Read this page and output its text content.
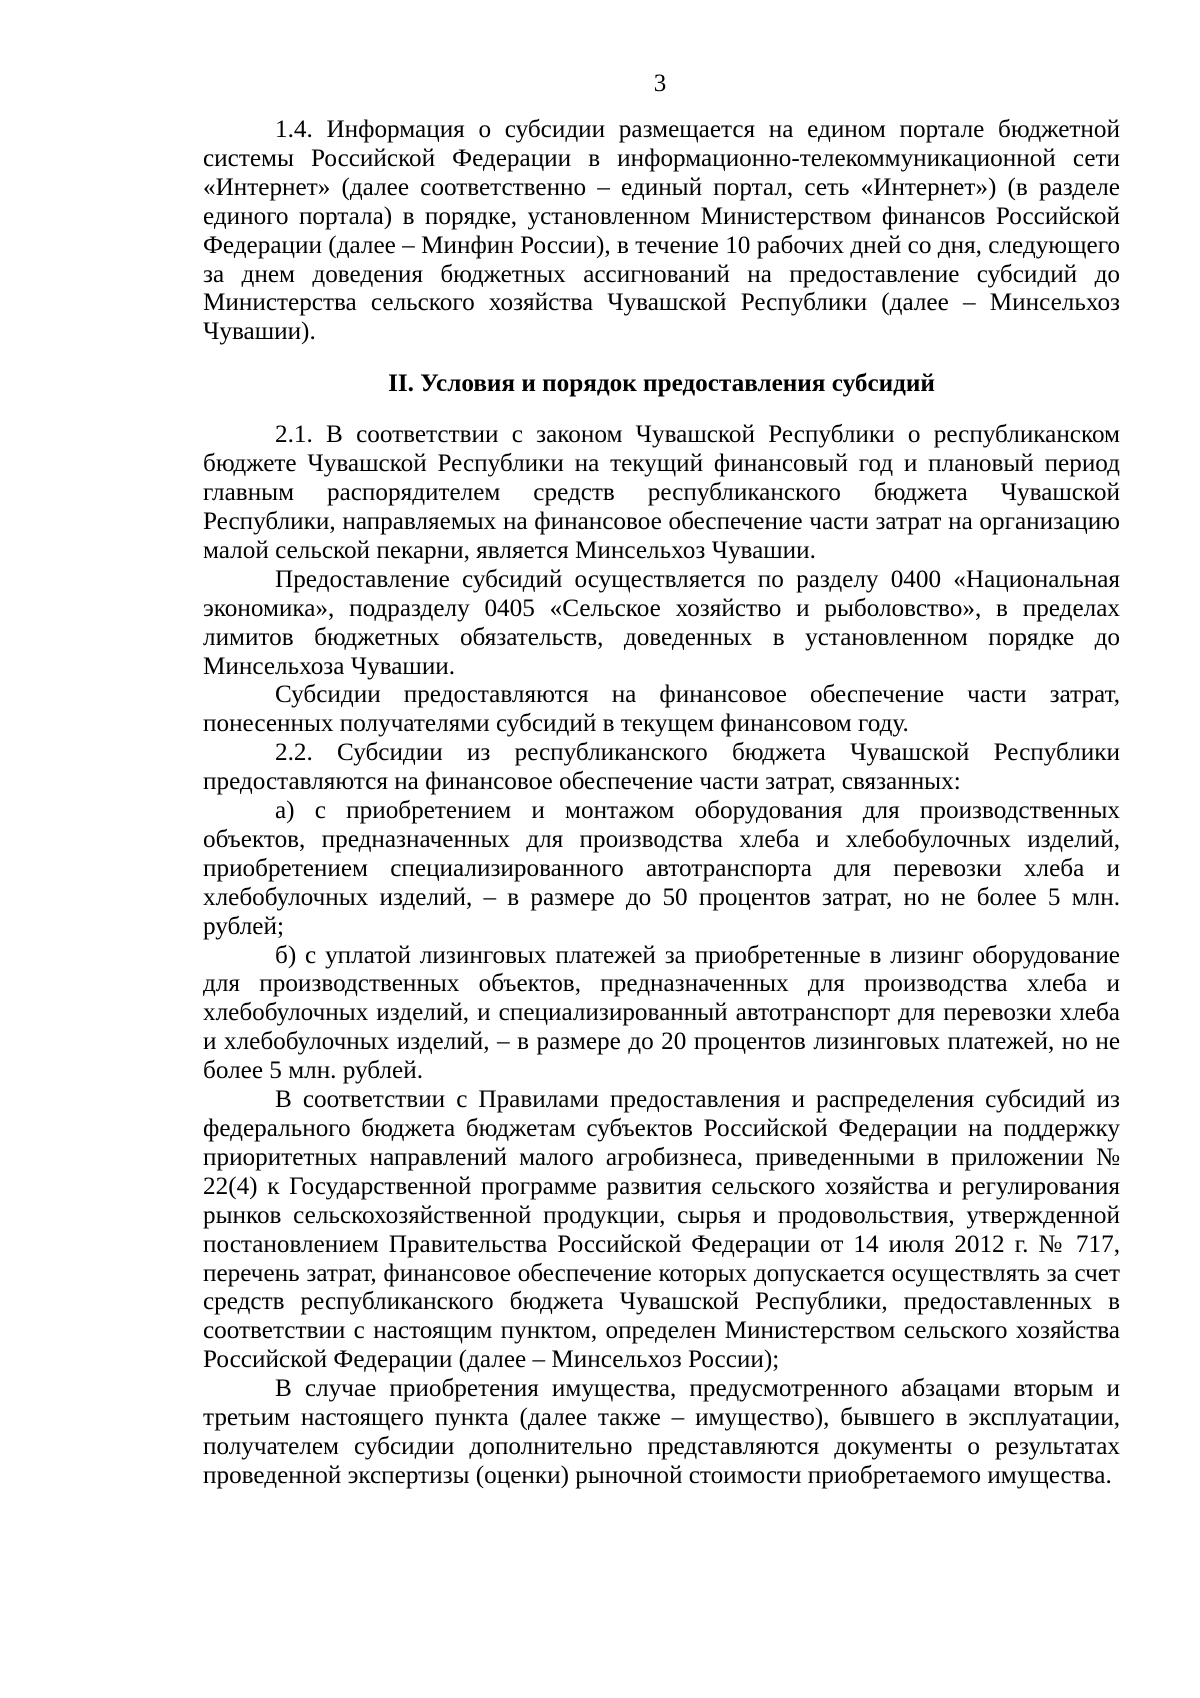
3

1.4. Информация о субсидии размещается на едином портале бюджетной системы Российской Федерации в информационно-телекоммуникационной сети «Интернет» (далее соответственно – единый портал, сеть «Интернет») (в разделе единого портала) в порядке, установленном Министерством финансов Российской Федерации (далее – Минфин России), в течение 10 рабочих дней со дня, следующего за днем доведения бюджетных ассигнований на предоставление субсидий до Министерства сельского хозяйства Чувашской Республики (далее – Минсельхоз Чувашии).

II. Условия и порядок предоставления субсидий

2.1. В соответствии с законом Чувашской Республики о республиканском бюджете Чувашской Республики на текущий финансовый год и плановый период главным распорядителем средств республиканского бюджета Чувашской Республики, направляемых на финансовое обеспечение части затрат на организацию малой сельской пекарни, является Минсельхоз Чувашии.

Предоставление субсидий осуществляется по разделу 0400 «Национальная экономика», подразделу 0405 «Сельское хозяйство и рыболовство», в пределах лимитов бюджетных обязательств, доведенных в установленном порядке до Минсельхоза Чувашии.

Субсидии предоставляются на финансовое обеспечение части затрат, понесенных получателями субсидий в текущем финансовом году.

2.2. Субсидии из республиканского бюджета Чувашской Республики предоставляются на финансовое обеспечение части затрат, связанных:

а) с приобретением и монтажом оборудования для производственных объектов, предназначенных для производства хлеба и хлебобулочных изделий, приобретением специализированного автотранспорта для перевозки хлеба и хлебобулочных изделий, – в размере до 50 процентов затрат, но не более 5 млн. рублей;

б) с уплатой лизинговых платежей за приобретенные в лизинг оборудование для производственных объектов, предназначенных для производства хлеба и хлебобулочных изделий, и специализированный автотранспорт для перевозки хлеба и хлебобулочных изделий, – в размере до 20 процентов лизинговых платежей, но не более 5 млн. рублей.

В соответствии с Правилами предоставления и распределения субсидий из федерального бюджета бюджетам субъектов Российской Федерации на поддержку приоритетных направлений малого агробизнеса, приведенными в приложении № 22(4) к Государственной программе развития сельского хозяйства и регулирования рынков сельскохозяйственной продукции, сырья и продовольствия, утвержденной постановлением Правительства Российской Федерации от 14 июля 2012 г. № 717, перечень затрат, финансовое обеспечение которых допускается осуществлять за счет средств республиканского бюджета Чувашской Республики, предоставленных в соответствии с настоящим пунктом, определен Министерством сельского хозяйства Российской Федерации (далее – Минсельхоз России);

В случае приобретения имущества, предусмотренного абзацами вторым и третьим настоящего пункта (далее также – имущество), бывшего в эксплуатации, получателем субсидии дополнительно представляются документы о результатах проведенной экспертизы (оценки) рыночной стоимости приобретаемого имущества.
